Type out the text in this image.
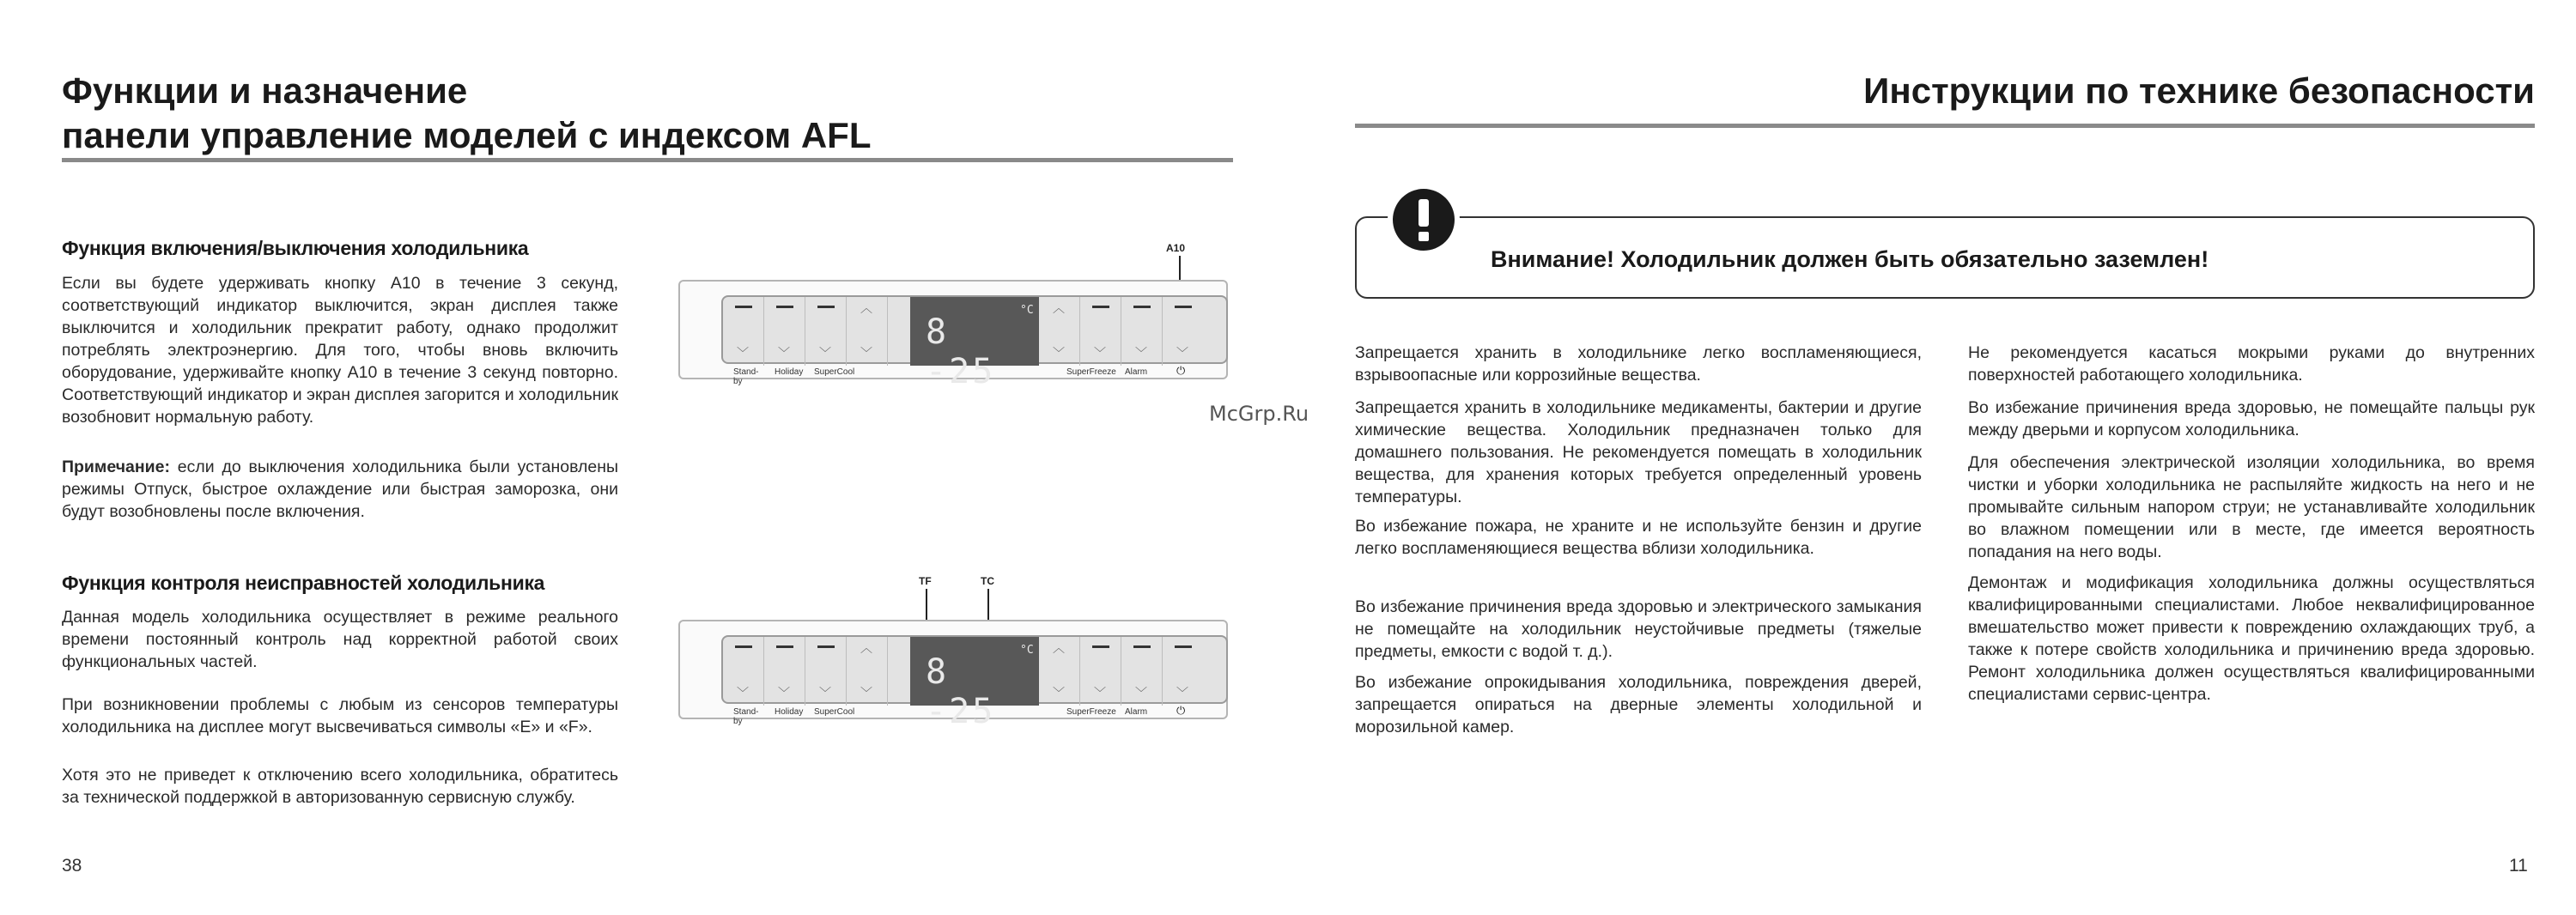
Функции и назначение
панели управление моделей с индексом AFL
Функция включения/выключения холодильника
Если вы будете удерживать кнопку A10 в течение 3 секунд, соответствующий индикатор выключится, экран дисплея также выключится и холодильник прекратит работу, однако продолжит потреблять электроэнергию. Для того, чтобы вновь включить оборудование, удерживайте кнопку A10 в течение 3 секунд повторно. Соответствующий индикатор и экран дисплея загорится и холодильник возобновит нормальную работу.
Примечание: если до выключения холодильника были установлены режимы Отпуск, быстрое охлаждение или быстрая заморозка, они будут возобновлены после включения.
Функция контроля неисправностей холодильника
Данная модель холодильника осуществляет в режиме реального времени постоянный контроль над корректной работой своих функциональных частей.
При возникновении проблемы с любым из сенсоров температуры холодильника на дисплее могут высвечиваться символы «E» и «F».
Хотя это не приведет к отключению всего холодильника, обратитесь за технической поддержкой в авторизованную сервисную службу.
A10
﹀ ﹀ ﹀
︿
﹀
8 -25
°C ︿
﹀ ﹀ ﹀ ﹀
Stand-by
Holiday SuperCool	SuperFreeze Alarm	⏻
TF	TC
﹀ ﹀ ﹀
︿
﹀
8 -25
°C ︿
﹀ ﹀ ﹀ ﹀
Stand-by
Holiday SuperCool	SuperFreeze Alarm	⏻
38
McGrp.Ru
Инструкции по технике безопасности
Внимание! Холодильник должен быть обязательно заземлен!
Запрещается хранить в холодильнике легко воспламеняющиеся, взрывоопасные или коррозийные вещества.
Запрещается хранить в холодильнике медикаменты, бактерии и другие химические вещества. Холодильник предназначен только для домашнего пользования. Не рекомендуется помещать в холодильник вещества, для хранения которых требуется определенный уровень температуры.
Во избежание пожара, не храните и не используйте бензин и другие легко воспламеняющиеся вещества вблизи холодильника.
Во избежание причинения вреда здоровью и электрического замыкания не помещайте на холодильник неустойчивые предметы (тяжелые предметы, емкости с водой т. д.).
Во избежание опрокидывания холодильника, повреждения дверей, запрещается опираться на дверные элементы холодильной и морозильной камер.
Не рекомендуется касаться мокрыми руками до внутренних поверхностей работающего холодильника.
Во избежание причинения вреда здоровью, не помещайте пальцы рук между дверьми и корпусом холодильника.
Для обеспечения электрической изоляции холодильника, во время чистки и уборки холодильника не распыляйте жидкость на него и не промывайте сильным напором струи; не устанавливайте холодильник во влажном помещении или в месте, где имеется вероятность попадания на него воды.
Демонтаж и модификация холодильника должны осуществляться квалифицированными специалистами. Любое неквалифицированное вмешательство может привести к повреждению охлаждающих труб, а также к потере свойств холодильника и причинению вреда здоровью. Ремонт холодильника должен осуществляться квалифицированными специалистами сервис-центра.
11
